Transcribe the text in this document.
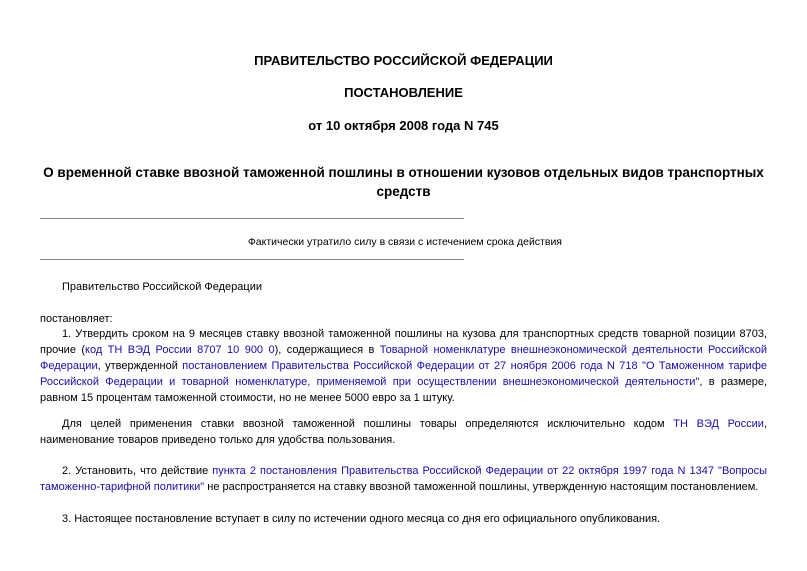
ПРАВИТЕЛЬСТВО РОССИЙСКОЙ ФЕДЕРАЦИИ
ПОСТАНОВЛЕНИЕ
от 10 октября 2008 года N 745
О временной ставке ввозной таможенной пошлины в отношении кузовов отдельных видов транспортных средств
Фактически утратило силу в связи с истечением срока действия
Правительство Российской Федерации
постановляет:
1. Утвердить сроком на 9 месяцев ставку ввозной таможенной пошлины на кузова для транспортных средств товарной позиции 8703, прочие (код ТН ВЭД России 8707 10 900 0), содержащиеся в Товарной номенклатуре внешнеэкономической деятельности Российской Федерации, утвержденной постановлением Правительства Российской Федерации от 27 ноября 2006 года N 718 "О Таможенном тарифе Российской Федерации и товарной номенклатуре, применяемой при осуществлении внешнеэкономической деятельности", в размере, равном 15 процентам таможенной стоимости, но не менее 5000 евро за 1 штуку.
Для целей применения ставки ввозной таможенной пошлины товары определяются исключительно кодом ТН ВЭД России, наименование товаров приведено только для удобства пользования.
2. Установить, что действие пункта 2 постановления Правительства Российской Федерации от 22 октября 1997 года N 1347 "Вопросы таможенно-тарифной политики" не распространяется на ставку ввозной таможенной пошлины, утвержденную настоящим постановлением.
3. Настоящее постановление вступает в силу по истечении одного месяца со дня его официального опубликования.
